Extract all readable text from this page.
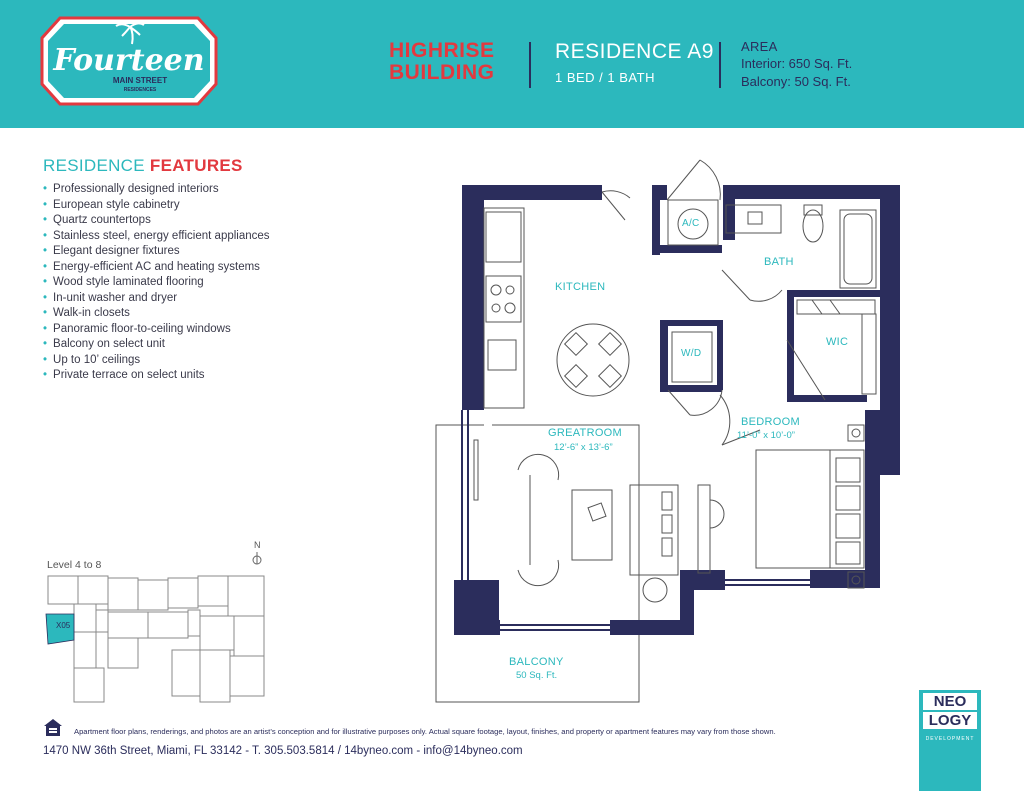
Fourteen
MAIN STREET
RESIDENCES
HIGHRISE
BUILDING
RESIDENCE A9
1 BED / 1 BATH
AREA
Interior: 650 Sq. Ft.
Balcony: 50 Sq. Ft.
RESIDENCE FEATURES
• Professionally designed interiors
• European style cabinetry
• Quartz countertops
• Stainless steel, energy efficient appliances
• Elegant designer fixtures
• Energy-efficient AC and heating systems
• Wood style laminated flooring
• In-unit washer and dryer
• Walk-in closets
• Panoramic floor-to-ceiling windows
• Balcony on select unit
• Up to 10’ ceilings
• Private terrace on select units
Level 4 to 8
N
X05
KITCHEN
BATH
A/C
W/D
WIC
GREATROOM
12’-6” x 13’-6”
BEDROOM
11’-0” x 10’-0”
BALCONY
50 Sq. Ft.
Apartment floor plans, renderings, and photos are an artist’s conception and for illustrative purposes only. Actual square footage, layout, finishes, and property or apartment features may vary from those shown.
1470 NW 36th Street, Miami, FL 33142 - T. 305.503.5814 / 14byneo.com - info@14byneo.com
NEO
LOGY
DEVELOPMENT
